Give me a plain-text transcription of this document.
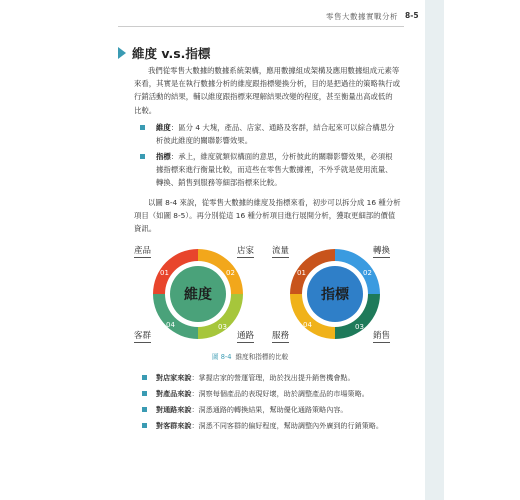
零售大數據實戰分析 8-5
維度 v.s.指標
我們從零售大數據的數據系統架構，應用數據組成架構及應用數據組成元素等
來看，其實是在執行數據分析的維度跟指標變換分析，目的是把過往的策略執行或
行銷活動的結果，輔以維度跟指標來理解結果改變的程度，甚至衡量出高或低的
比較。
維度：區分 4 大塊，產品、店家、通路及客群，結合起來可以綜合構思分
析彼此維度的關聯影響效果。
指標：承上，維度就類似構面的意思，分析彼此的關聯影響效果，必須根
據指標來進行衡量比較，而這些在零售大數據裡，不外乎就是使用流量、
轉換、銷售到服務等細部指標來比較。
以圖 8-4 來說，從零售大數據的維度及指標來看，初步可以拆分成 16 種分析
項目（如圖 8-5）。再分別從這 16 種分析項目進行展開分析，獲取更細部的價值
資訊。
維度
01	02
03
04
指標
01	02
03
04
產品	店家
通路
客群
流量	轉換
銷售
服務
圖 8-4 維度和指標的比較
對店家來說：掌握店家的營運管理，助於找出提升銷售機會點。
對產品來說：洞察每個產品的表現好壞，助於調整產品的市場策略。
對通路來說：洞悉通路的轉換結果，幫助優化通路策略內容。
對客群來說：洞悉不同客群的偏好程度，幫助調整內外廣到的行銷策略。
